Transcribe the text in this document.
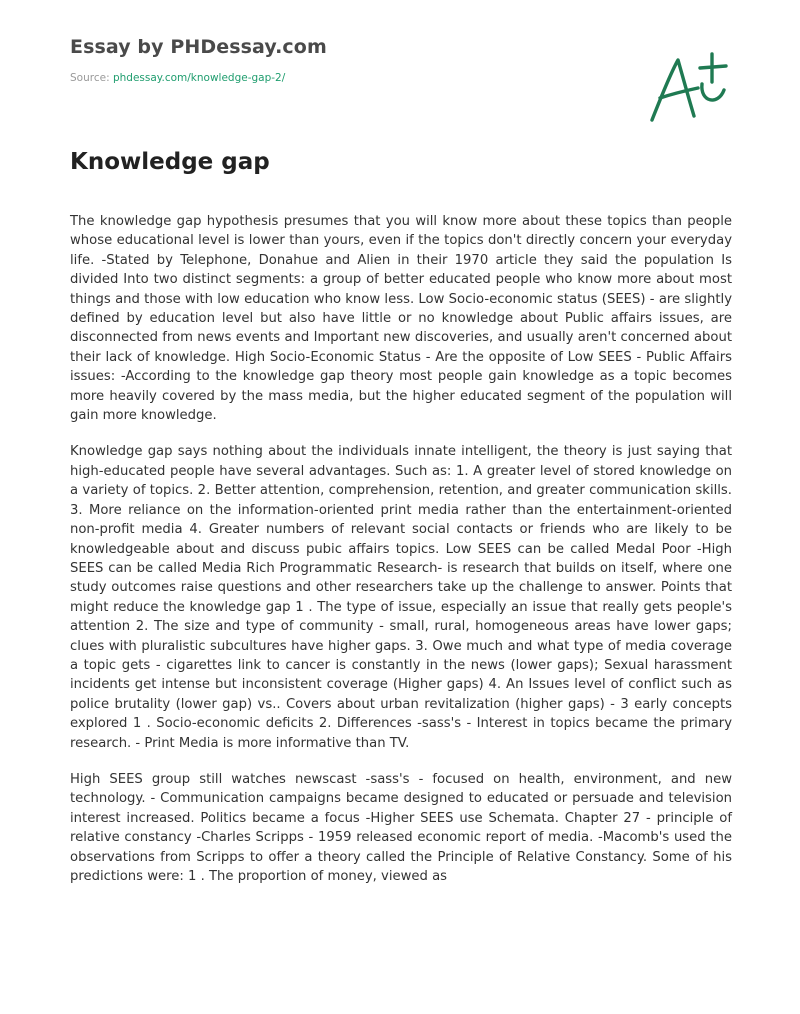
Essay by PHDessay.com
Source: phdessay.com/knowledge-gap-2/
Knowledge gap

The knowledge gap hypothesis presumes that you will know more about these topics than people whose educational level is lower than yours, even if the topics don't directly concern your everyday life. -Stated by Telephone, Donahue and Alien in their 1970 article they said the population Is divided Into two distinct segments: a group of better educated people who know more about most things and those with low education who know less. Low Socio-economic status (SEES) - are slightly defined by education level but also have little or no knowledge about Public affairs issues, are disconnected from news events and Important new discoveries, and usually aren't concerned about their lack of knowledge. High Socio-Economic Status - Are the opposite of Low SEES - Public Affairs issues: -According to the knowledge gap theory most people gain knowledge as a topic becomes more heavily covered by the mass media, but the higher educated segment of the population will gain more knowledge.

Knowledge gap says nothing about the individuals innate intelligent, the theory is just saying that high-educated people have several advantages. Such as: 1. A greater level of stored knowledge on a variety of topics. 2. Better attention, comprehension, retention, and greater communication skills. 3. More reliance on the information-oriented print media rather than the entertainment-oriented non-profit media 4. Greater numbers of relevant social contacts or friends who are likely to be knowledgeable about and discuss pubic affairs topics. Low SEES can be called Medal Poor -High SEES can be called Media Rich Programmatic Research- is research that builds on itself, where one study outcomes raise questions and other researchers take up the challenge to answer. Points that might reduce the knowledge gap 1 . The type of issue, especially an issue that really gets people's attention 2. The size and type of community - small, rural, homogeneous areas have lower gaps; clues with pluralistic subcultures have higher gaps. 3. Owe much and what type of media coverage a topic gets - cigarettes link to cancer is constantly in the news (lower gaps); Sexual harassment incidents get intense but inconsistent coverage (Higher gaps) 4. An Issues level of conflict such as police brutality (lower gap) vs.. Covers about urban revitalization (higher gaps) - 3 early concepts explored 1 . Socio-economic deficits 2. Differences -sass's - Interest in topics became the primary research. - Print Media is more informative than TV.

High SEES group still watches newscast -sass's - focused on health, environment, and new technology. - Communication campaigns became designed to educated or persuade and television interest increased. Politics became a focus -Higher SEES use Schemata. Chapter 27 - principle of relative constancy -Charles Scripps - 1959 released economic report of media. -Macomb's used the observations from Scripps to offer a theory called the Principle of Relative Constancy. Some of his predictions were: 1 . The proportion of money, viewed as
